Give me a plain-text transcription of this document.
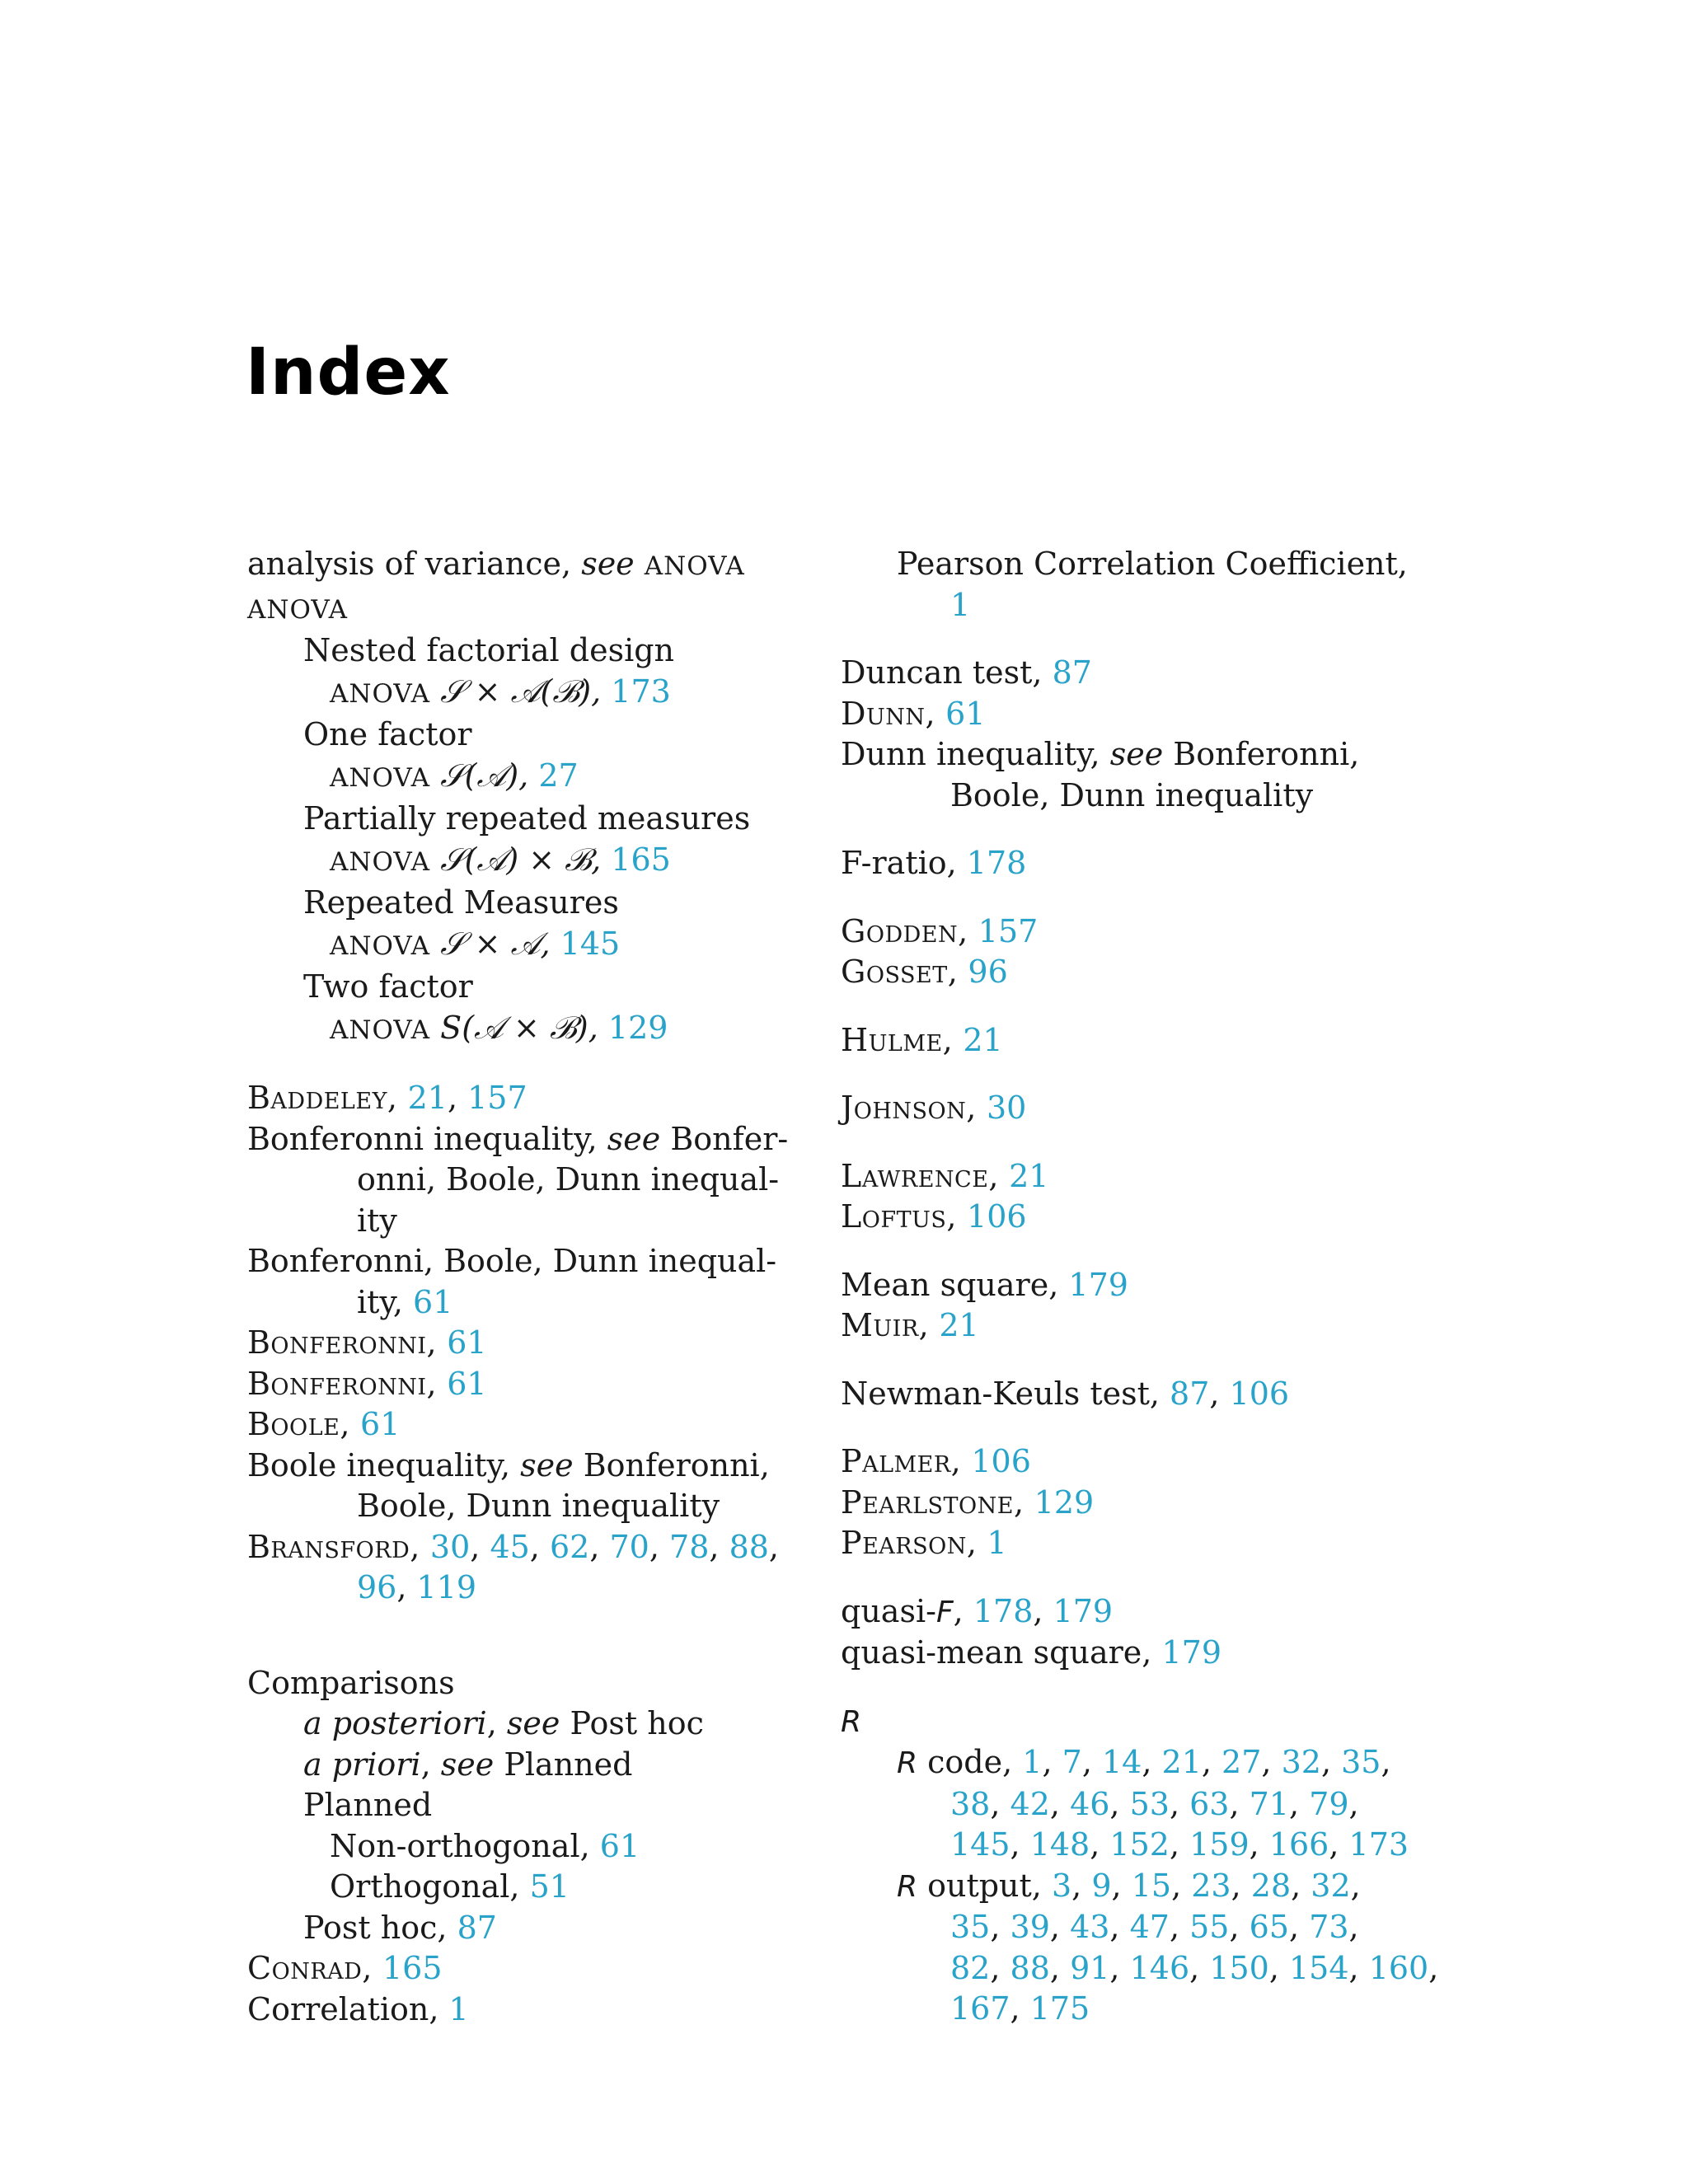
Index
analysis of variance, see ANOVA
ANOVA
Nested factorial design
ANOVA 𝒮 × 𝒜(ℬ), 173
One factor
ANOVA 𝒮(𝒜), 27
Partially repeated measures
ANOVA 𝒮(𝒜) × ℬ, 165
Repeated Measures
ANOVA 𝒮 × 𝒜, 145
Two factor
ANOVA 𝑆(𝒜 × ℬ), 129
Baddeley, 21, 157
Bonferonni inequality, see Bonfer-
onni, Boole, Dunn inequal-
ity
Bonferonni, Boole, Dunn inequal-
ity, 61
Bonferonni, 61
Bonferonni, 61
Boole, 61
Boole inequality, see Bonferonni,
Boole, Dunn inequality
Bransford, 30, 45, 62, 70, 78, 88,
96, 119
Comparisons
a posteriori, see Post hoc
a priori, see Planned
Planned
Non-orthogonal, 61
Orthogonal, 51
Post hoc, 87
Conrad, 165
Correlation, 1
Pearson Correlation Coefficient,
1
Duncan test, 87
Dunn, 61
Dunn inequality, see Bonferonni,
Boole, Dunn inequality
F-ratio, 178
Godden, 157
Gosset, 96
Hulme, 21
Johnson, 30
Lawrence, 21
Loftus, 106
Mean square, 179
Muir, 21
Newman-Keuls test, 87, 106
Palmer, 106
Pearlstone, 129
Pearson, 1
quasi-F, 178, 179
quasi-mean square, 179
R
R code, 1, 7, 14, 21, 27, 32, 35,
38, 42, 46, 53, 63, 71, 79,
145, 148, 152, 159, 166, 173
R output, 3, 9, 15, 23, 28, 32,
35, 39, 43, 47, 55, 65, 73,
82, 88, 91, 146, 150, 154, 160,
167, 175
